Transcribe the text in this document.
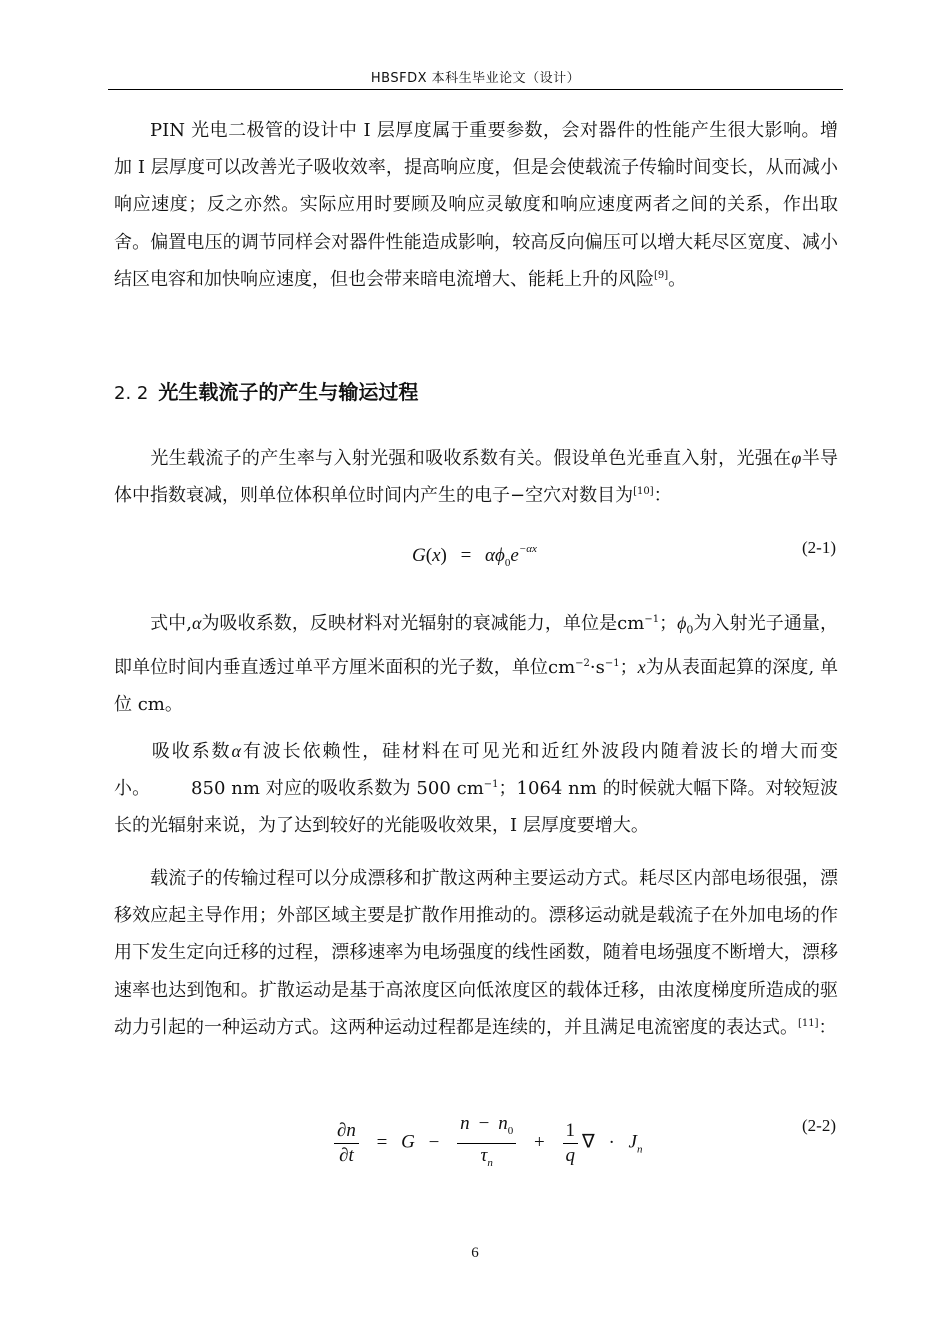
HBSFDX 本科生毕业论文（设计）

PIN 光电二极管的设计中 I 层厚度属于重要参数，会对器件的性能产生很大影响。增加 I 层厚度可以改善光子吸收效率，提高响应度，但是会使载流子传输时间变长，从而减小响应速度；反之亦然。实际应用时要顾及响应灵敏度和响应速度两者之间的关系，作出取舍。偏置电压的调节同样会对器件性能造成影响，较高反向偏压可以增大耗尽区宽度、减小结区电容和加快响应速度，但也会带来暗电流增大、能耗上升的风险[9]。

2. 2 光生载流子的产生与输运过程

光生载流子的产生率与入射光强和吸收系数有关。假设单色光垂直入射，光强在φ半导体中指数衰减，则单位体积单位时间内产生的电子−空穴对数目为[10]：

$G(x) = \alpha\phi_0e^{-\alpha x}$	(2-1)

式中,α为吸收系数，反映材料对光辐射的衰减能力，单位是$cm^{-1}$；$\phi_0$为入射光子通量，即单位时间内垂直透过单平方厘米面积的光子数，单位$cm^{-2}\cdot s^{-1}$；x为从表面起算的深度, 单位 cm。

吸收系数α有波长依赖性，硅材料在可见光和近红外波段内随着波长的增大而变小。 850 nm 对应的吸收系数为 500 $cm^{-1}$；1064 nm 的时候就大幅下降。对较短波长的光辐射来说，为了达到较好的光能吸收效果，I 层厚度要增大。

载流子的传输过程可以分成漂移和扩散这两种主要运动方式。耗尽区内部电场很强，漂移效应起主导作用；外部区域主要是扩散作用推动的。漂移运动就是载流子在外加电场的作用下发生定向迁移的过程，漂移速率为电场强度的线性函数，随着电场强度不断增大，漂移速率也达到饱和。扩散运动是基于高浓度区向低浓度区的载体迁移，由浓度梯度所造成的驱动力引起的一种运动方式。这两种运动过程都是连续的，并且满足电流密度的表达式。[11]：

$\frac{\partial n}{\partial t} = G - \frac{n - n_0}{\tau_n} + \frac{1}{q}$ ∇ · $J_n$
(2-2)
6
